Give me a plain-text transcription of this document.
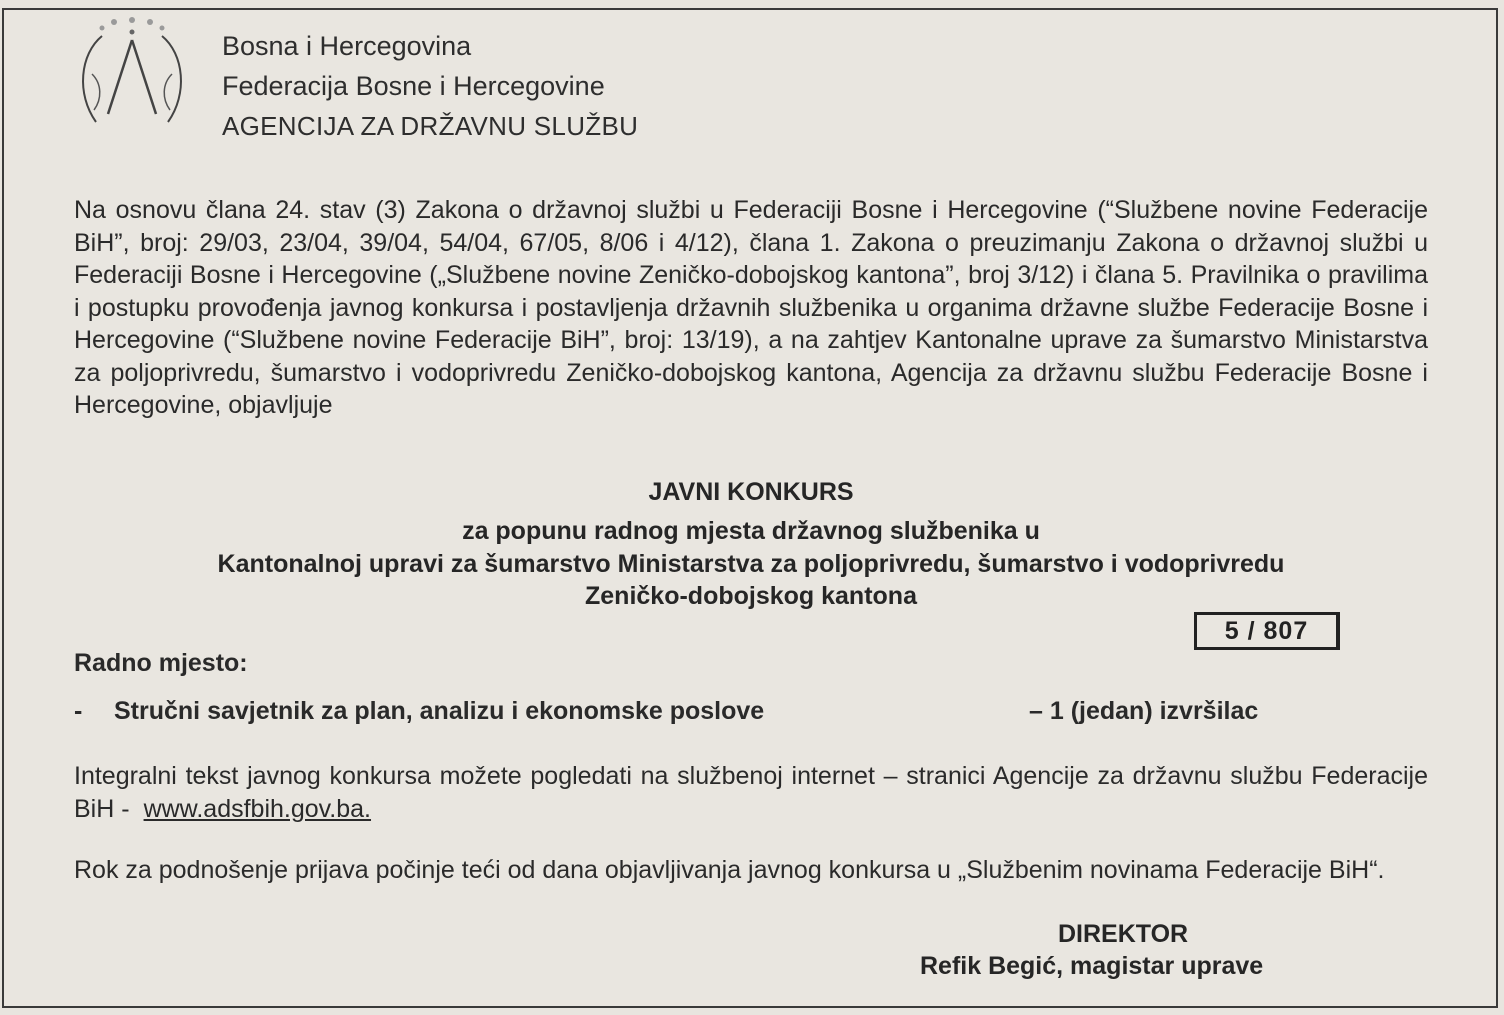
Bosna i Hercegovina
Federacija Bosne i Hercegovine
AGENCIJA ZA DRŽAVNU SLUŽBU
Na osnovu člana 24. stav (3) Zakona o državnoj službi u Federaciji Bosne i Hercegovine (“Službene novine Federacije BiH”, broj: 29/03, 23/04, 39/04, 54/04, 67/05, 8/06 i 4/12), člana 1. Zakona o preuzimanju Zakona o državnoj službi u Federaciji Bosne i Hercegovine („Službene novine Zeničko-dobojskog kantona”, broj 3/12) i člana 5. Pravilnika o pravilima i postupku provođenja javnog konkursa i postavljenja državnih službenika u organima državne službe Federacije Bosne i Hercegovine (“Službene novine Federacije BiH”, broj: 13/19), a na zahtjev Kantonalne uprave za šumarstvo Ministarstva za poljoprivredu, šumarstvo i vodoprivredu Zeničko-dobojskog kantona, Agencija za državnu službu Federacije Bosne i Hercegovine, objavljuje
JAVNI KONKURS
za popunu radnog mjesta državnog službenika u
Kantonalnoj upravi za šumarstvo Ministarstva za poljoprivredu, šumarstvo i vodoprivredu
Zeničko-dobojskog kantona
5 / 807
Radno mjesto:
- Stručni savjetnik za plan, analizu i ekonomske poslove	– 1 (jedan) izvršilac
Integralni tekst javnog konkursa možete pogledati na službenoj internet – stranici Agencije za državnu službu Federacije BiH - www.adsfbih.gov.ba.
Rok za podnošenje prijava počinje teći od dana objavljivanja javnog konkursa u „Službenim novinama Federacije BiH“.
DIREKTOR
Refik Begić, magistar uprave
